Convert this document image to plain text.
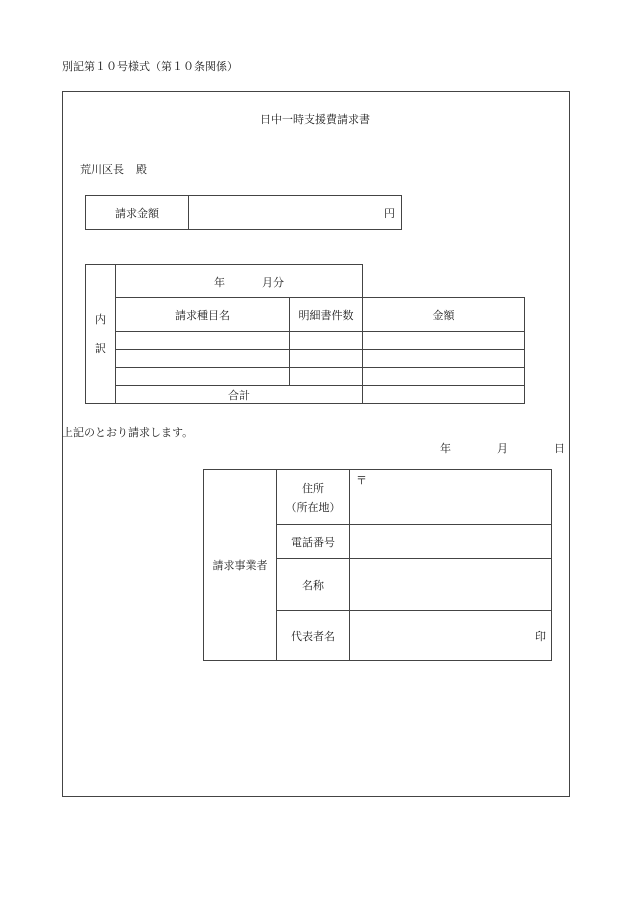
別記第１０号様式（第１０条関係）
日中一時支援費請求書
荒川区長 殿
請求金額	円
内
訳	年 月分		

	請求種目名	明細書件数	金額

	合計		
上記のとおり請求します。
年	月	日
請求事業者	住所
（所在地）	〒
	電話番号	
	名称	
	代表者名	印
